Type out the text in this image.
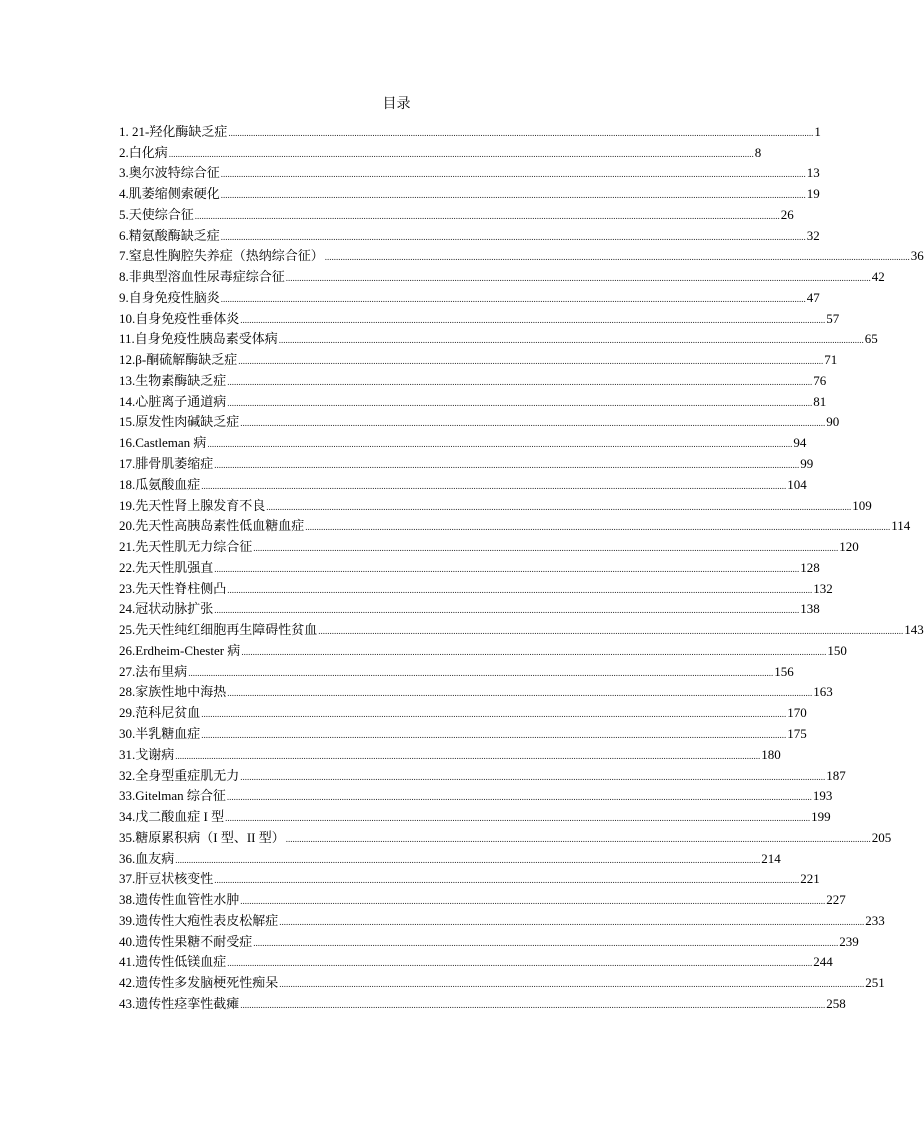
目录
1. 21-羟化酶缺乏症 .................................................................................................................................................................................................................................................................... 1
2.白化病 .................................................................................................................................................................................................................................................................... 8
3.奥尔波特综合征 .................................................................................................................................................................................................................................................................... 13
4.肌萎缩侧索硬化 .................................................................................................................................................................................................................................................................... 19
5.天使综合征 .................................................................................................................................................................................................................................................................... 26
6.精氨酸酶缺乏症 .................................................................................................................................................................................................................................................................... 32
7.窒息性胸腔失养症（热纳综合征） .................................................................................................................................................................................................................................................................... 36
8.非典型溶血性尿毒症综合征 .................................................................................................................................................................................................................................................................... 42
9.自身免疫性脑炎 .................................................................................................................................................................................................................................................................... 47
10.自身免疫性垂体炎 .................................................................................................................................................................................................................................................................... 57
11.自身免疫性胰岛素受体病 .................................................................................................................................................................................................................................................................... 65
12.β-酮硫解酶缺乏症 .................................................................................................................................................................................................................................................................... 71
13.生物素酶缺乏症 .................................................................................................................................................................................................................................................................... 76
14.心脏离子通道病 .................................................................................................................................................................................................................................................................... 81
15.原发性肉碱缺乏症 .................................................................................................................................................................................................................................................................... 90
16.Castleman 病 .................................................................................................................................................................................................................................................................... 94
17.腓骨肌萎缩症 .................................................................................................................................................................................................................................................................... 99
18.瓜氨酸血症 .................................................................................................................................................................................................................................................................... 104
19.先天性肾上腺发育不良 .................................................................................................................................................................................................................................................................... 109
20.先天性高胰岛素性低血糖血症 .................................................................................................................................................................................................................................................................... 114
21.先天性肌无力综合征 .................................................................................................................................................................................................................................................................... 120
22.先天性肌强直 .................................................................................................................................................................................................................................................................... 128
23.先天性脊柱侧凸 .................................................................................................................................................................................................................................................................... 132
24.冠状动脉扩张 .................................................................................................................................................................................................................................................................... 138
25.先天性纯红细胞再生障碍性贫血 .................................................................................................................................................................................................................................................................... 143
26.Erdheim-Chester 病 .................................................................................................................................................................................................................................................................... 150
27.法布里病 .................................................................................................................................................................................................................................................................... 156
28.家族性地中海热 .................................................................................................................................................................................................................................................................... 163
29.范科尼贫血 .................................................................................................................................................................................................................................................................... 170
30.半乳糖血症 .................................................................................................................................................................................................................................................................... 175
31.戈谢病 .................................................................................................................................................................................................................................................................... 180
32.全身型重症肌无力 .................................................................................................................................................................................................................................................................... 187
33.Gitelman 综合征 .................................................................................................................................................................................................................................................................... 193
34.戊二酸血症 I 型 .................................................................................................................................................................................................................................................................... 199
35.糖原累积病（I 型、II 型） .................................................................................................................................................................................................................................................................... 205
36.血友病 .................................................................................................................................................................................................................................................................... 214
37.肝豆状核变性 .................................................................................................................................................................................................................................................................... 221
38.遗传性血管性水肿 .................................................................................................................................................................................................................................................................... 227
39.遗传性大疱性表皮松解症 .................................................................................................................................................................................................................................................................... 233
40.遗传性果糖不耐受症 .................................................................................................................................................................................................................................................................... 239
41.遗传性低镁血症 .................................................................................................................................................................................................................................................................... 244
42.遗传性多发脑梗死性痴呆 .................................................................................................................................................................................................................................................................... 251
43.遗传性痉挛性截瘫 .................................................................................................................................................................................................................................................................... 258
